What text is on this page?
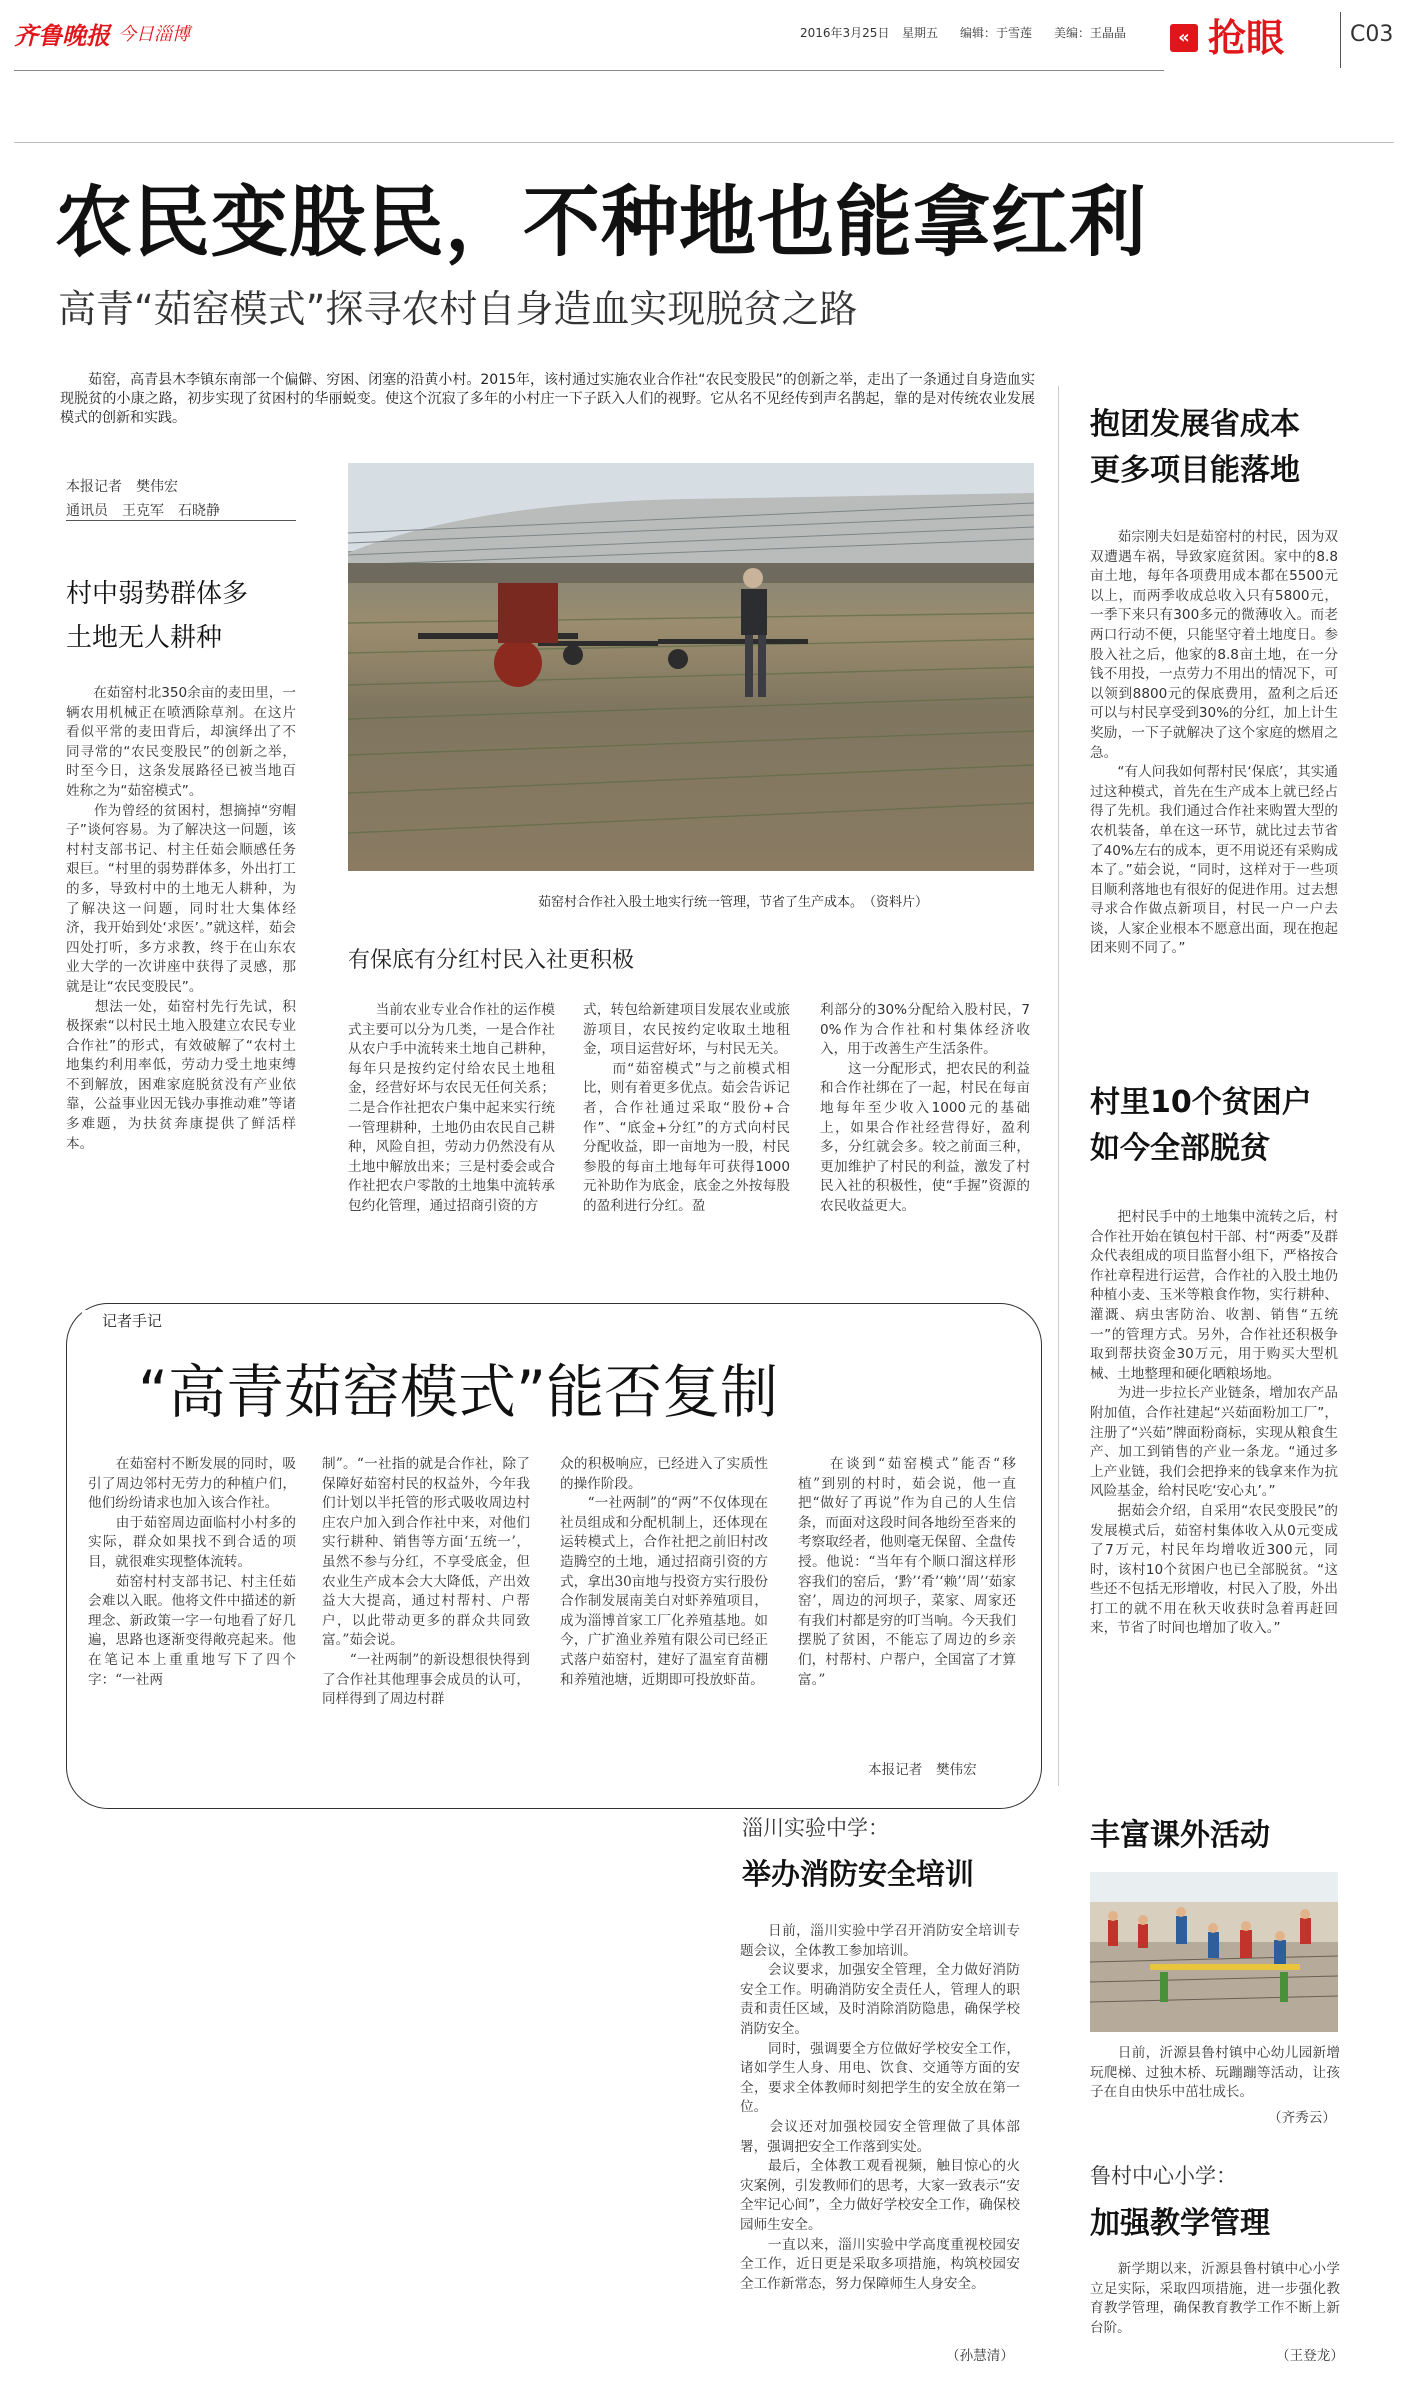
齐鲁晚报 今日淄博	2016年3月25日 星期五 编辑：于雪莲 美编：王晶晶	« 抢眼	C03
农民变股民，不种地也能拿红利
高青“茹窑模式”探寻农村自身造血实现脱贫之路
　　茹窑，高青县木李镇东南部一个偏僻、穷困、闭塞的沿黄小村。2015年，该村通过实施农业合作社“农民变股民”的创新之举，走出了一条通过自身造血实现脱贫的小康之路，初步实现了贫困村的华丽蜕变。使这个沉寂了多年的小村庄一下子跃入人们的视野。它从名不见经传到声名鹊起，靠的是对传统农业发展模式的创新和实践。
本报记者　樊伟宏
通讯员　王克军　石晓静
村中弱势群体多
土地无人耕种
　　在茹窑村北350余亩的麦田里，一辆农用机械正在喷洒除草剂。在这片看似平常的麦田背后，却演绎出了不同寻常的“农民变股民”的创新之举，时至今日，这条发展路径已被当地百姓称之为“茹窑模式”。
　　作为曾经的贫困村，想摘掉“穷帽子”谈何容易。为了解决这一问题，该村村支部书记、村主任茹会顺感任务艰巨。“村里的弱势群体多，外出打工的多，导致村中的土地无人耕种，为了解决这一问题，同时壮大集体经济，我开始到处‘求医’。”就这样，茹会四处打听，多方求教，终于在山东农业大学的一次讲座中获得了灵感，那就是让“农民变股民”。
　　想法一处，茹窑村先行先试，积极探索“以村民土地入股建立农民专业合作社”的形式，有效破解了“农村土地集约利用率低，劳动力受土地束缚不到解放，困难家庭脱贫没有产业依靠，公益事业因无钱办事推动难”等诸多难题，为扶贫奔康提供了鲜活样本。
茹窑村合作社入股土地实行统一管理，节省了生产成本。　（资料片）
有保底有分红村民入社更积极
　　当前农业专业合作社的运作模式主要可以分为几类，一是合作社从农户手中流转来土地自己耕种，每年只是按约定付给农民土地租金，经营好坏与农民无任何关系；二是合作社把农户集中起来实行统一管理耕种，土地仍由农民自己耕种，风险自担，劳动力仍然没有从土地中解放出来；三是村委会或合作社把农户零散的土地集中流转承包约化管理，通过招商引资的方
式，转包给新建项目发展农业或旅游项目，农民按约定收取土地租金，项目运营好坏，与村民无关。
　　而“茹窑模式”与之前模式相比，则有着更多优点。茹会告诉记者，合作社通过采取“股份+合作”、“底金+分红”的方式向村民分配收益，即一亩地为一股，村民参股的每亩土地每年可获得1000元补助作为底金，底金之外按每股的盈利进行分红。盈
利部分的30%分配给入股村民，70%作为合作社和村集体经济收入，用于改善生产生活条件。
　　这一分配形式，把农民的利益和合作社绑在了一起，村民在每亩地每年至少收入1000元的基础上，如果合作社经营得好，盈利多，分红就会多。较之前面三种，更加维护了村民的利益，激发了村民入社的积极性，使“手握”资源的农民收益更大。
抱团发展省成本
更多项目能落地
　　茹宗刚夫妇是茹窑村的村民，因为双双遭遇车祸，导致家庭贫困。家中的8.8亩土地，每年各项费用成本都在5500元以上，而两季收成总收入只有5800元，一季下来只有300多元的微薄收入。而老两口行动不便，只能坚守着土地度日。参股入社之后，他家的8.8亩土地，在一分钱不用投，一点劳力不用出的情况下，可以领到8800元的保底费用，盈利之后还可以与村民享受到30%的分红，加上计生奖励，一下子就解决了这个家庭的燃眉之急。
　　“有人问我如何帮村民‘保底’，其实通过这种模式，首先在生产成本上就已经占得了先机。我们通过合作社来购置大型的农机装备，单在这一环节，就比过去节省了40%左右的成本，更不用说还有采购成本了。”茹会说，“同时，这样对于一些项目顺利落地也有很好的促进作用。过去想寻求合作做点新项目，村民一户一户去谈，人家企业根本不愿意出面，现在抱起团来则不同了。”
村里10个贫困户
如今全部脱贫
　　把村民手中的土地集中流转之后，村合作社开始在镇包村干部、村“两委”及群众代表组成的项目监督小组下，严格按合作社章程进行运营，合作社的入股土地仍种植小麦、玉米等粮食作物，实行耕种、灌溉、病虫害防治、收割、销售“五统一”的管理方式。另外，合作社还积极争取到帮扶资金30万元，用于购买大型机械、土地整理和硬化晒粮场地。
　　为进一步拉长产业链条，增加农产品附加值，合作社建起“兴茹面粉加工厂”，注册了“兴茹”牌面粉商标，实现从粮食生产、加工到销售的产业一条龙。“通过多上产业链，我们会把挣来的钱拿来作为抗风险基金，给村民吃‘安心丸’。”
　　据茹会介绍，自采用“农民变股民”的发展模式后，茹窑村集体收入从0元变成了7万元，村民年均增收近300元，同时，该村10个贫困户也已全部脱贫。“这些还不包括无形增收，村民入了股，外出打工的就不用在秋天收获时急着再赶回来，节省了时间也增加了收入。”
记者手记
“高青茹窑模式”能否复制
　　在茹窑村不断发展的同时，吸引了周边邻村无劳力的种植户们，他们纷纷请求也加入该合作社。
　　由于茹窑周边面临村小村多的实际，群众如果找不到合适的项目，就很难实现整体流转。
　　茹窑村村支部书记、村主任茹会难以入眠。他将文件中描述的新理念、新政策一字一句地看了好几遍，思路也逐渐变得敞亮起来。他在笔记本上重重地写下了四个字：“一社两
制”。“一社指的就是合作社，除了保障好茹窑村民的权益外，今年我们计划以半托管的形式吸收周边村庄农户加入到合作社中来，对他们实行耕种、销售等方面‘五统一’，虽然不参与分红，不享受底金，但农业生产成本会大大降低，产出效益大大提高，通过村帮村、户帮户，以此带动更多的群众共同致富。”茹会说。
　　“一社两制”的新设想很快得到了合作社其他理事会成员的认可，同样得到了周边村群
众的积极响应，已经进入了实质性的操作阶段。
　　“一社两制”的“两”不仅体现在社员组成和分配机制上，还体现在运转模式上，合作社把之前旧村改造腾空的土地，通过招商引资的方式，拿出30亩地与投资方实行股份合作制发展南美白对虾养殖项目，成为淄博首家工厂化养殖基地。如今，广扩渔业养殖有限公司已经正式落户茹窑村，建好了温室育苗棚和养殖池塘，近期即可投放虾苗。
　　在谈到“茹窑模式”能否“移植”到别的村时，茹会说，他一直把“做好了再说”作为自己的人生信条，而面对这段时间各地纷至沓来的考察取经者，他则毫无保留、全盘传授。他说：“当年有个顺口溜这样形容我们的窑后，‘黔’‘肴’‘赖’‘周’‘茹家窑’，周边的河坝子，菜家、周家还有我们村都是穷的叮当响。今天我们摆脱了贫困，不能忘了周边的乡亲们，村帮村、户帮户，全国富了才算富。”
本报记者　樊伟宏
淄川实验中学：
举办消防安全培训
　　日前，淄川实验中学召开消防安全培训专题会议，全体教工参加培训。
　　会议要求，加强安全管理，全力做好消防安全工作。明确消防安全责任人，管理人的职责和责任区域，及时消除消防隐患，确保学校消防安全。
　　同时，强调要全方位做好学校安全工作，诸如学生人身、用电、饮食、交通等方面的安全，要求全体教师时刻把学生的安全放在第一位。
　　会议还对加强校园安全管理做了具体部署，强调把安全工作落到实处。
　　最后，全体教工观看视频，触目惊心的火灾案例，引发教师们的思考，大家一致表示“安全牢记心间”，全力做好学校安全工作，确保校园师生安全。
　　一直以来，淄川实验中学高度重视校园安全工作，近日更是采取多项措施，构筑校园安全工作新常态，努力保障师生人身安全。
（孙慧清）
丰富课外活动
　　日前，沂源县鲁村镇中心幼儿园新增玩爬梯、过独木桥、玩蹦蹦等活动，让孩子在自由快乐中茁壮成长。
（齐秀云）
鲁村中心小学：
加强教学管理
　　新学期以来，沂源县鲁村镇中心小学立足实际，采取四项措施，进一步强化教育教学管理，确保教育教学工作不断上新台阶。
（王登龙）
